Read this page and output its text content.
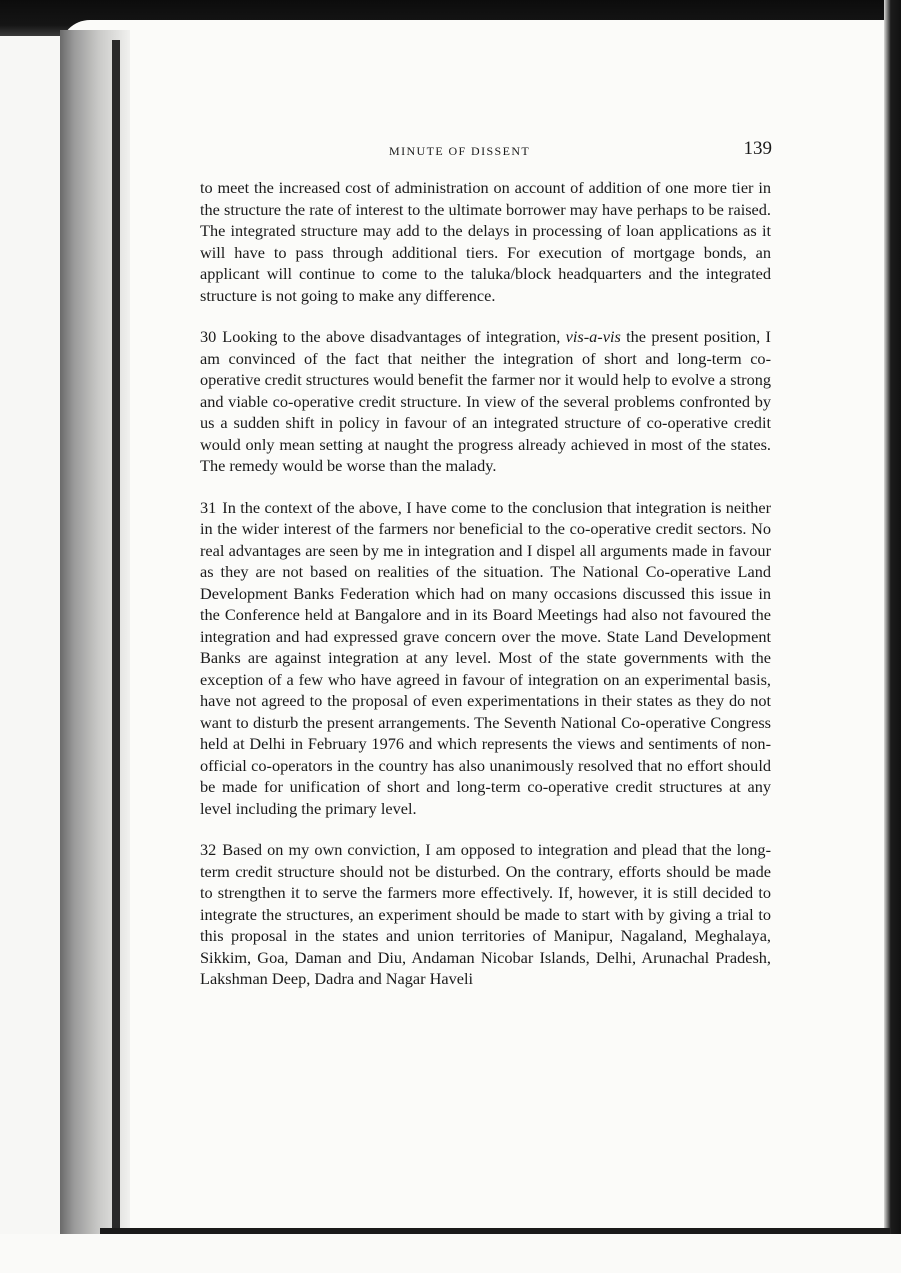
MINUTE OF DISSENT	139

to meet the increased cost of administration on account of addition of one more tier in the structure the rate of interest to the ultimate borrower may have perhaps to be raised. The integrated structure may add to the delays in processing of loan applications as it will have to pass through additional tiers. For execution of mortgage bonds, an applicant will continue to come to the taluka/block headquarters and the integrated structure is not going to make any difference.

30 Looking to the above disadvantages of integration, vis-a-vis the present position, I am convinced of the fact that neither the integration of short and long-term co-operative credit structures would benefit the farmer nor it would help to evolve a strong and viable co-operative credit structure. In view of the several problems confronted by us a sudden shift in policy in favour of an integrated structure of co-operative credit would only mean setting at naught the progress already achieved in most of the states. The remedy would be worse than the malady.

31 In the context of the above, I have come to the conclusion that integration is neither in the wider interest of the farmers nor beneficial to the co-operative credit sectors. No real advantages are seen by me in integration and I dispel all arguments made in favour as they are not based on realities of the situation. The National Co-operative Land Development Banks Federation which had on many occasions discussed this issue in the Conference held at Bangalore and in its Board Meetings had also not favoured the integration and had expressed grave concern over the move. State Land Development Banks are against integration at any level. Most of the state governments with the exception of a few who have agreed in favour of integration on an experimental basis, have not agreed to the proposal of even experimentations in their states as they do not want to disturb the present arrangements. The Seventh National Co-operative Congress held at Delhi in February 1976 and which represents the views and sentiments of non-official co-operators in the country has also unanimously resolved that no effort should be made for unification of short and long-term co-operative credit structures at any level including the primary level.

32 Based on my own conviction, I am opposed to integration and plead that the long-term credit structure should not be disturbed. On the contrary, efforts should be made to strengthen it to serve the farmers more effectively. If, however, it is still decided to integrate the structures, an experiment should be made to start with by giving a trial to this proposal in the states and union territories of Manipur, Nagaland, Meghalaya, Sikkim, Goa, Daman and Diu, Andaman Nicobar Islands, Delhi, Arunachal Pradesh, Lakshman Deep, Dadra and Nagar Haveli
